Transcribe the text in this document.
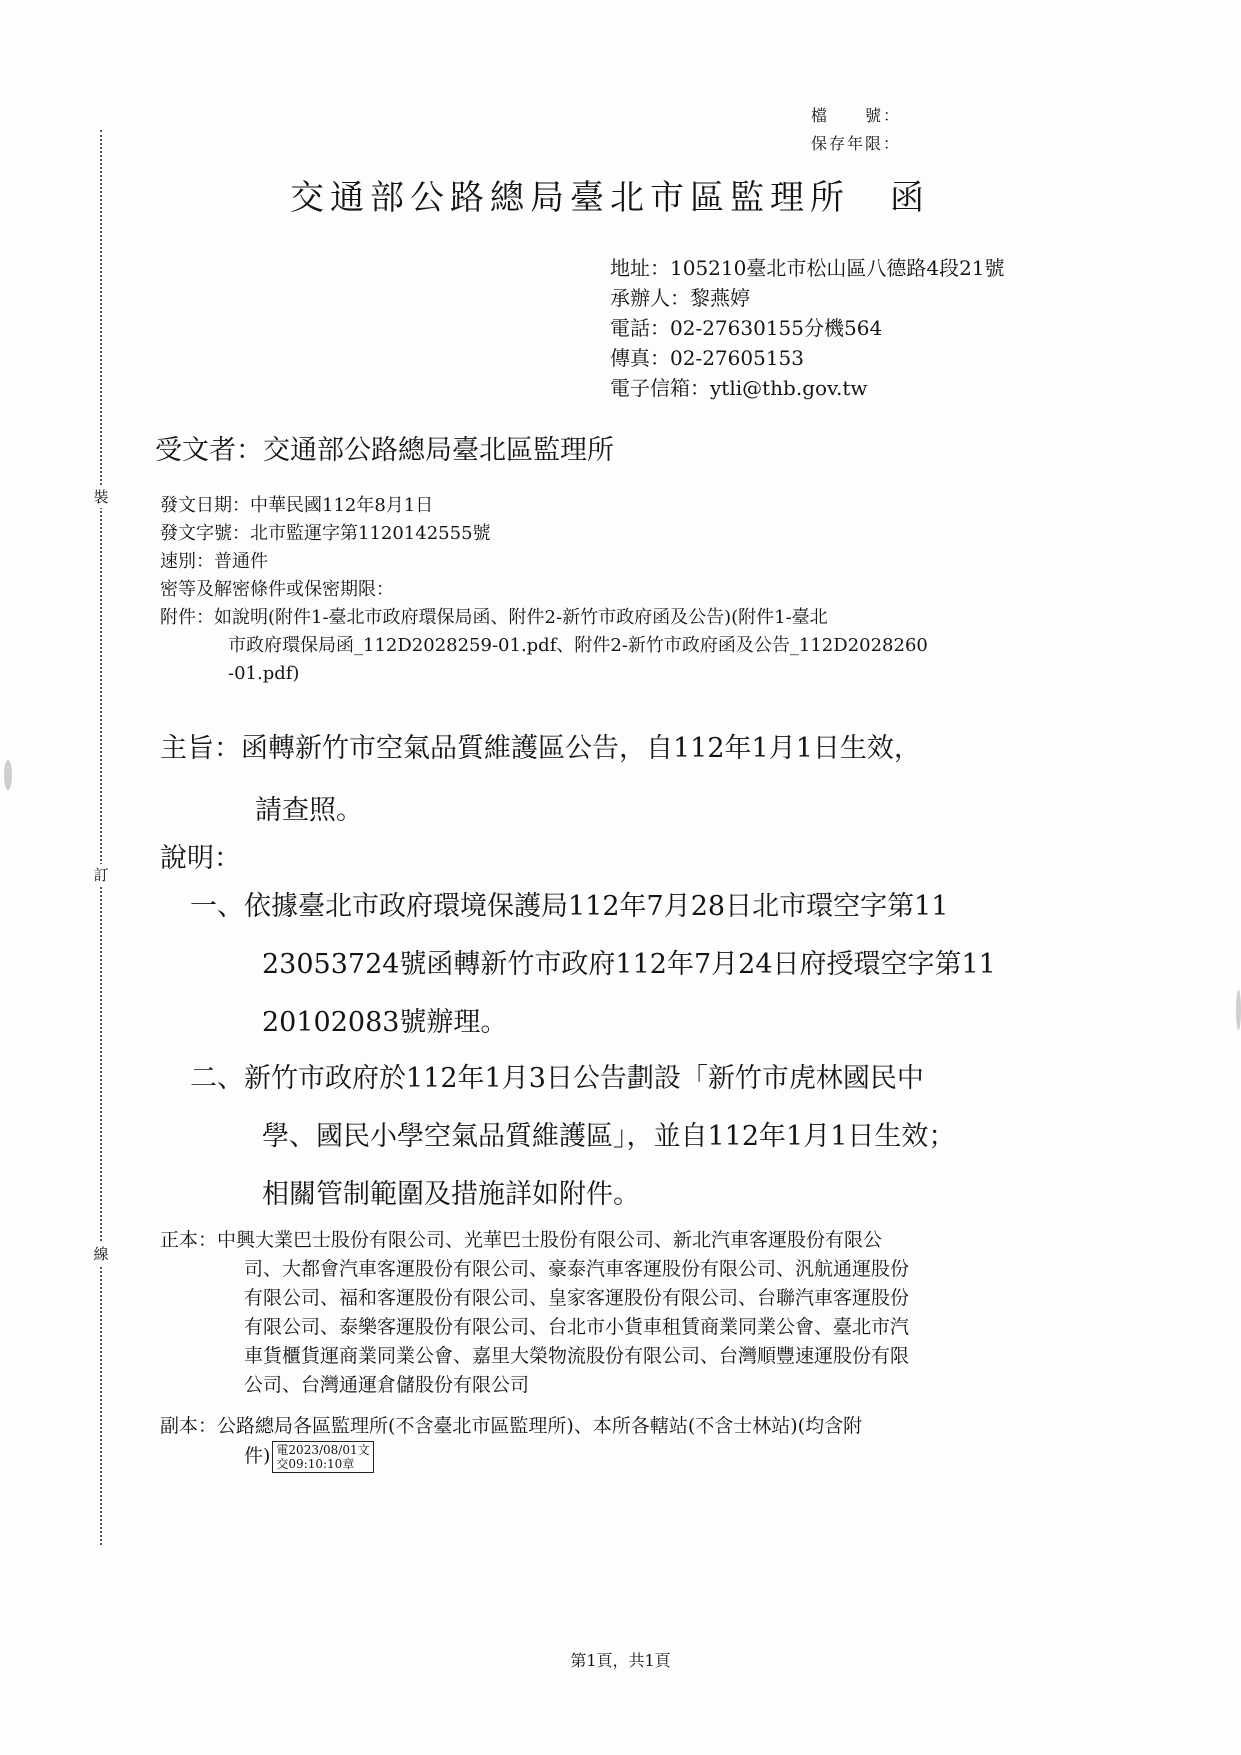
裝
訂
線
檔　　號：
保存年限：
交通部公路總局臺北市區監理所　函
地址：105210臺北市松山區八德路4段21號
承辦人：黎燕婷
電話：02-27630155分機564
傳真：02-27605153
電子信箱：ytli@thb.gov.tw
受文者：交通部公路總局臺北區監理所
發文日期：中華民國112年8月1日
發文字號：北市監運字第1120142555號
速別：普通件
密等及解密條件或保密期限：
附件：如說明(附件1-臺北市政府環保局函、附件2-新竹市政府函及公告)(附件1-臺北
市政府環保局函_112D2028259-01.pdf、附件2-新竹市政府函及公告_112D2028260
-01.pdf)
主旨：函轉新竹市空氣品質維護區公告，自112年1月1日生效，
請查照。
說明：
一、依據臺北市政府環境保護局112年7月28日北市環空字第11
23053724號函轉新竹市政府112年7月24日府授環空字第11
20102083號辦理。
二、新竹市政府於112年1月3日公告劃設「新竹市虎林國民中
學、國民小學空氣品質維護區」，並自112年1月1日生效；
相關管制範圍及措施詳如附件。
正本：中興大業巴士股份有限公司、光華巴士股份有限公司、新北汽車客運股份有限公
司、大都會汽車客運股份有限公司、豪泰汽車客運股份有限公司、汎航通運股份
有限公司、福和客運股份有限公司、皇家客運股份有限公司、台聯汽車客運股份
有限公司、泰樂客運股份有限公司、台北市小貨車租賃商業同業公會、臺北市汽
車貨櫃貨運商業同業公會、嘉里大榮物流股份有限公司、台灣順豐速運股份有限
公司、台灣通運倉儲股份有限公司
副本：公路總局各區監理所(不含臺北市區監理所)、本所各轄站(不含士林站)(均含附
件) 電2023/08/01文
交09:10:10章
第1頁，共1頁
